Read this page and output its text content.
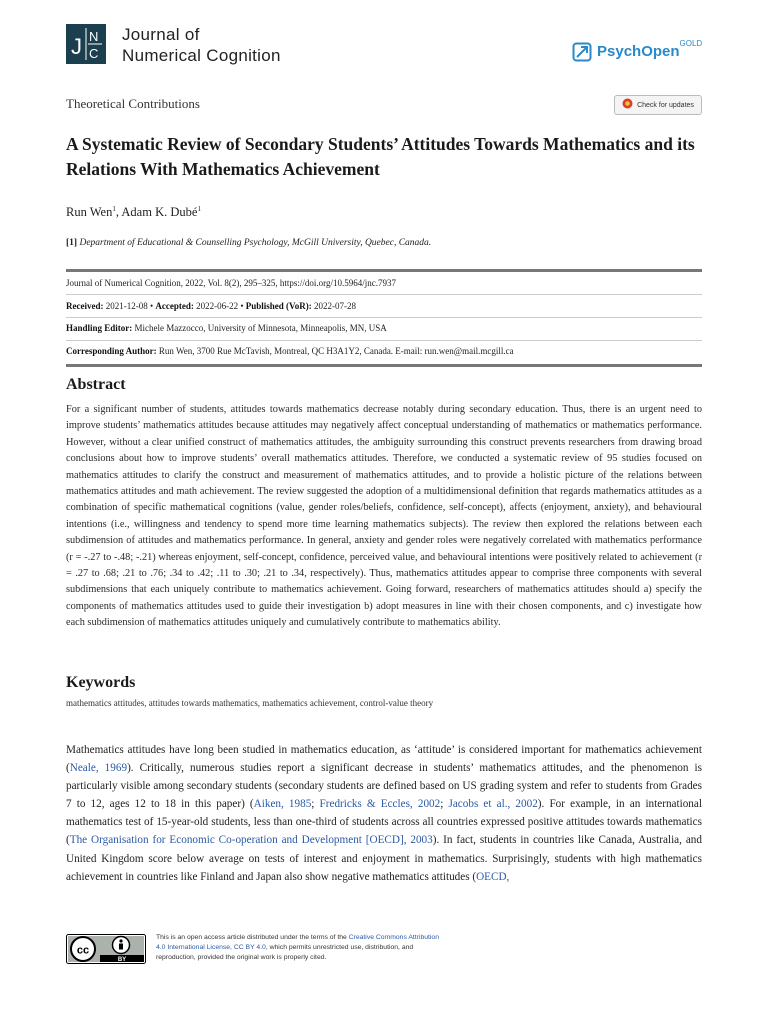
J N
C
Journal of
Numerical Cognition	PsychOpen GOLD
Theoretical Contributions	Check for updates
A Systematic Review of Secondary Students’ Attitudes Towards Mathematics and its Relations With Mathematics Achievement
Run Wen$^1$, Adam K. Dubé$^1$
[1] Department of Educational & Counselling Psychology, McGill University, Quebec, Canada.
Journal of Numerical Cognition, 2022, Vol. 8(2), 295–325, https://doi.org/10.5964/jnc.7937
Received: 2021-12-08 • Accepted: 2022-06-22 • Published (VoR): 2022-07-28
Handling Editor: Michele Mazzocco, University of Minnesota, Minneapolis, MN, USA
Corresponding Author: Run Wen, 3700 Rue McTavish, Montreal, QC H3A1Y2, Canada. E-mail: run.wen@mail.mcgill.ca
Abstract
For a significant number of students, attitudes towards mathematics decrease notably during secondary education. Thus, there is an urgent need to improve students’ mathematics attitudes because attitudes may negatively affect conceptual understanding of mathematics or mathematics performance. However, without a clear unified construct of mathematics attitudes, the ambiguity surrounding this construct prevents researchers from drawing broad conclusions about how to improve students’ overall mathematics attitudes. Therefore, we conducted a systematic review of 95 studies focused on mathematics attitudes to clarify the construct and measurement of mathematics attitudes, and to provide a holistic picture of the relations between mathematics attitudes and math achievement. The review suggested the adoption of a multidimensional definition that regards mathematics attitudes as a combination of specific mathematical cognitions (value, gender roles/beliefs, confidence, self-concept), affects (enjoyment, anxiety), and behavioural intentions (i.e., willingness and tendency to spend more time learning mathematics subjects). The review then explored the relations between each subdimension of attitudes and mathematics performance. In general, anxiety and gender roles were negatively correlated with mathematics performance (r = -.27 to -.48; -.21) whereas enjoyment, self-concept, confidence, perceived value, and behavioural intentions were positively related to achievement (r = .27 to .68; .21 to .76; .34 to .42; .11 to .30; .21 to .34, respectively). Thus, mathematics attitudes appear to comprise three components with several subdimensions that each uniquely contribute to mathematics achievement. Going forward, researchers of mathematics attitudes should a) specify the components of mathematics attitudes used to guide their investigation b) adopt measures in line with their chosen components, and c) investigate how each subdimension of mathematics attitudes uniquely and cumulatively contribute to mathematics ability.
Keywords
mathematics attitudes, attitudes towards mathematics, mathematics achievement, control-value theory
Mathematics attitudes have long been studied in mathematics education, as ‘attitude’ is considered important for mathematics achievement (Neale, 1969). Critically, numerous studies report a significant decrease in students’ mathematics attitudes, and the phenomenon is particularly visible among secondary students (secondary students are defined based on US grading system and refer to students from Grades 7 to 12, ages 12 to 18 in this paper) (Aiken, 1985; Fredricks & Eccles, 2002; Jacobs et al., 2002). For example, in an international mathematics test of 15-year-old students, less than one-third of students across all countries expressed positive attitudes towards mathematics (The Organisation for Economic Co-operation and Development [OECD], 2003). In fact, students in countries like Canada, Australia, and United Kingdom score below average on tests of interest and enjoyment in mathematics. Surprisingly, students with high mathematics achievement in countries like Finland and Japan also show negative mathematics attitudes (OECD,
cc
BY
This is an open access article distributed under the terms of the Creative Commons Attribution 4.0 International License, CC BY 4.0, which permits unrestricted use, distribution, and reproduction, provided the original work is properly cited.
